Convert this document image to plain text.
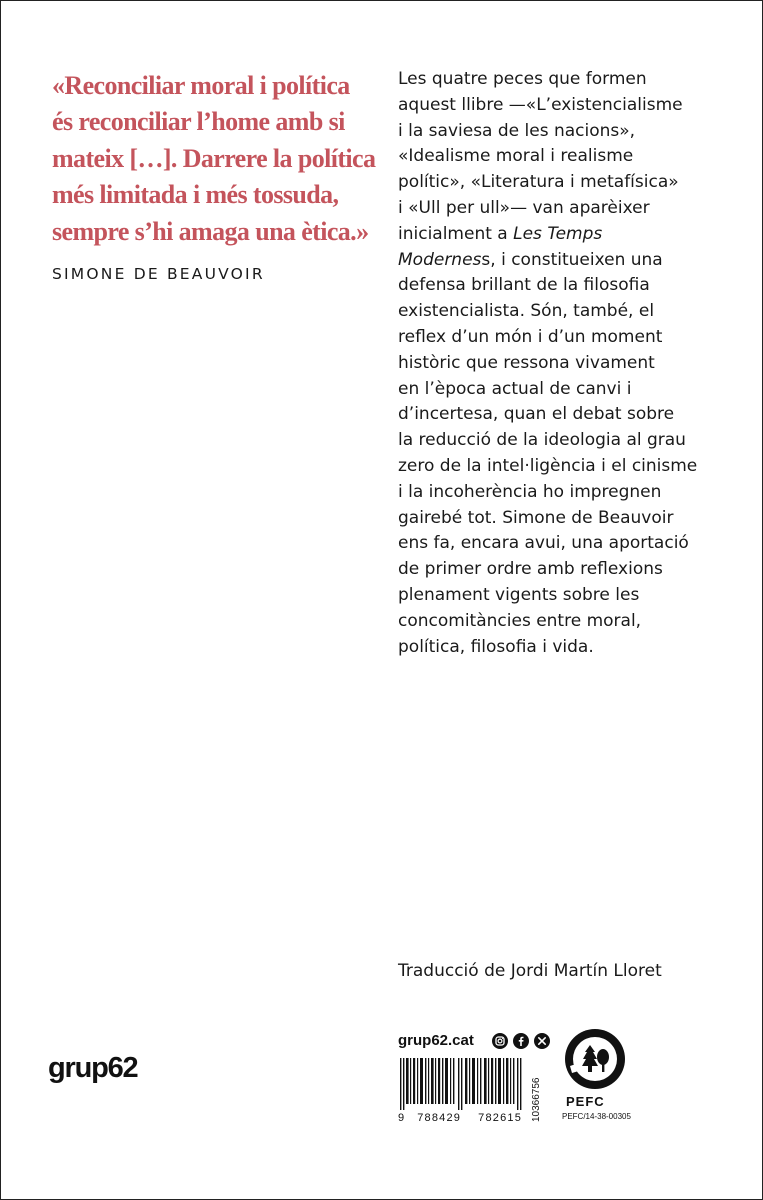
«Reconciliar moral i política
és reconciliar l’home amb si
mateix […]. Darrere la política
més limitada i més tossuda,
sempre s’hi amaga una ètica.»
SIMONE DE BEAUVOIR
Les quatre peces que formen
aquest llibre —«L’existencialisme
i la saviesa de les nacions»,
«Idealisme moral i realisme
polític», «Literatura i metafísica»
i «Ull per ull»— van aparèixer
inicialment a Les Temps
Moderness, i constitueixen una
defensa brillant de la filosofia
existencialista. Són, també, el
reflex d’un món i d’un moment
històric que ressona vivament
en l’època actual de canvi i
d’incertesa, quan el debat sobre
la reducció de la ideologia al grau
zero de la intel·ligència i el cinisme
i la incoherència ho impregnen
gairebé tot. Simone de Beauvoir
ens fa, encara avui, una aportació
de primer ordre amb reflexions
plenament vigents sobre les
concomitàncies entre moral,
política, filosofia i vida.
Traducció de Jordi Martín Lloret
grup62
grup62.cat
9 788429 782615 10366756 PEFC
PEFC/14-38-00305
